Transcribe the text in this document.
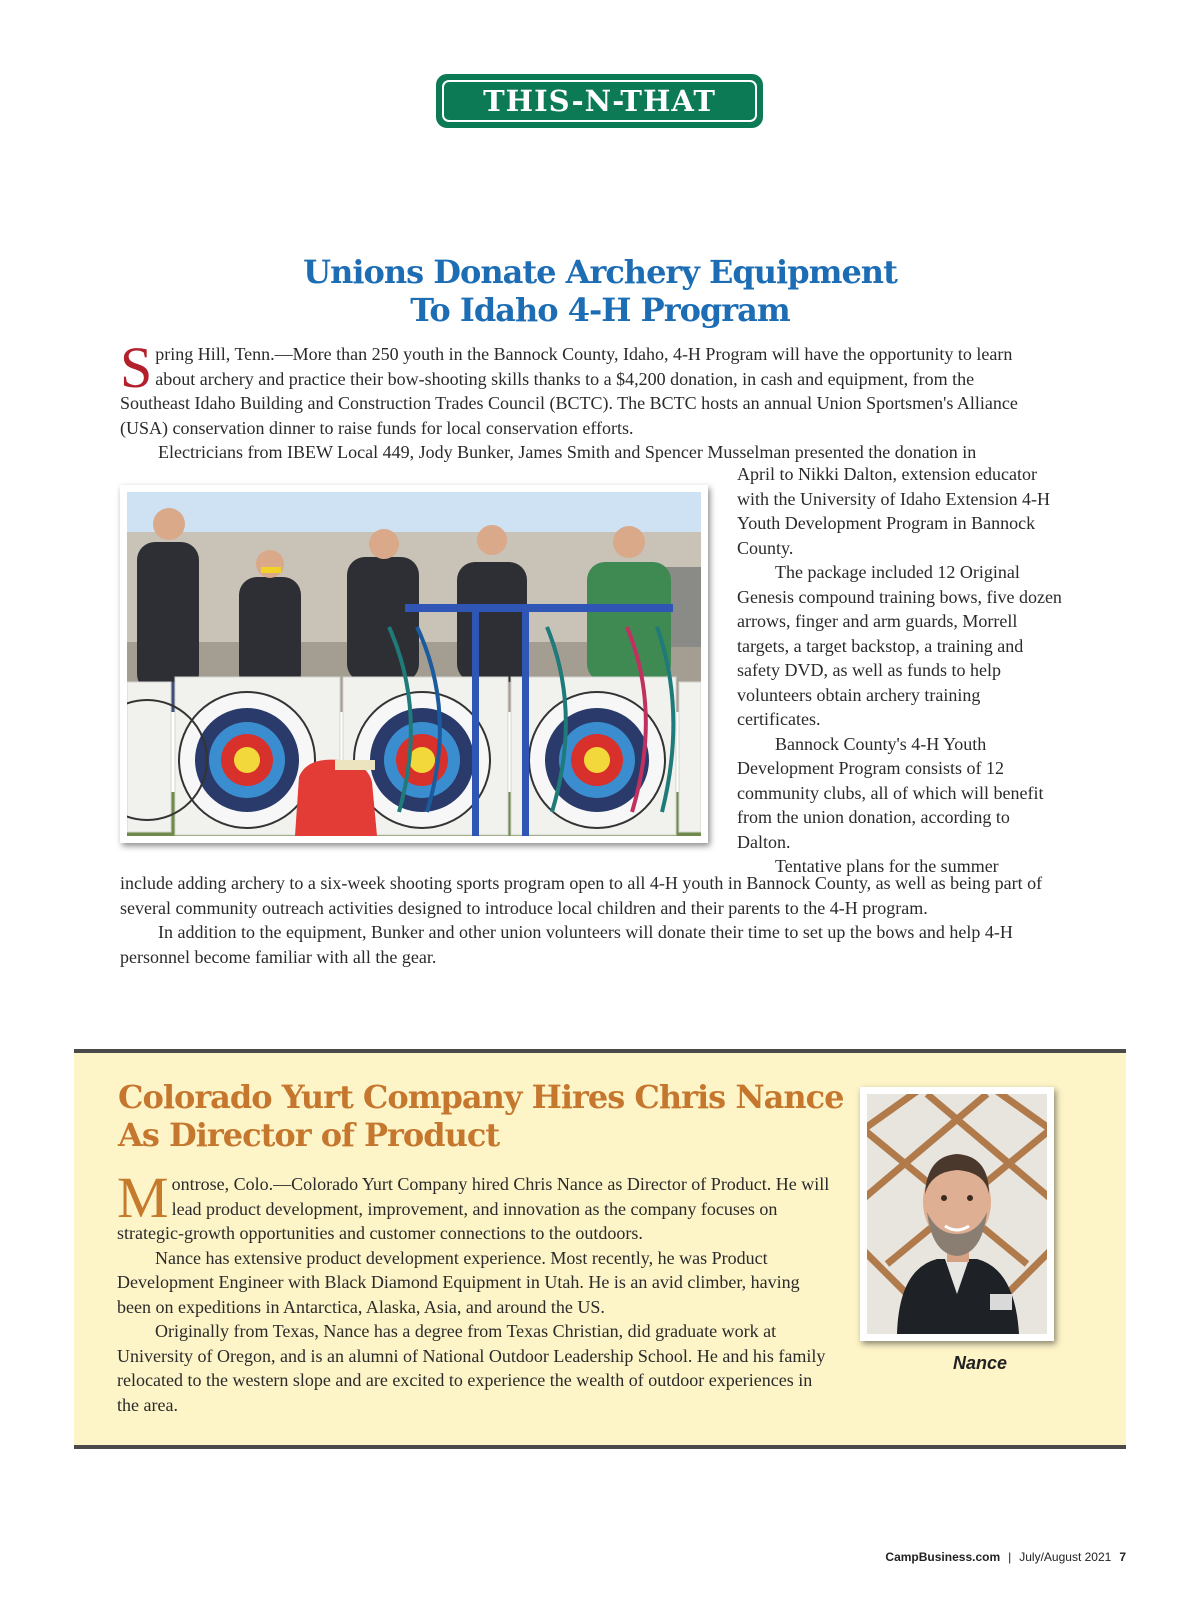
THIS-N-THAT
Unions Donate Archery Equipment
To Idaho 4-H Program

Spring Hill, Tenn.—More than 250 youth in the Bannock County, Idaho, 4-H Program will have the opportunity to learn about archery and practice their bow-shooting skills thanks to a $4,200 donation, in cash and equipment, from the Southeast Idaho Building and Construction Trades Council (BCTC). The BCTC hosts an annual Union Sportsmen's Alliance (USA) conservation dinner to raise funds for local conservation efforts.

Electricians from IBEW Local 449, Jody Bunker, James Smith and Spencer Musselman presented the donation in

April to Nikki Dalton, extension educator with the University of Idaho Extension 4-H Youth Development Program in Bannock County.

The package included 12 Original Genesis compound training bows, five dozen arrows, finger and arm guards, Morrell targets, a target backstop, a training and safety DVD, as well as funds to help volunteers obtain archery training certificates.

Bannock County's 4-H Youth Development Program consists of 12 community clubs, all of which will benefit from the union donation, according to Dalton.

Tentative plans for the summer

include adding archery to a six-week shooting sports program open to all 4-H youth in Bannock County, as well as being part of several community outreach activities designed to introduce local children and their parents to the 4-H program.

In addition to the equipment, Bunker and other union volunteers will donate their time to set up the bows and help 4-H personnel become familiar with all the gear.

Colorado Yurt Company Hires Chris Nance
As Director of Product

Montrose, Colo.—Colorado Yurt Company hired Chris Nance as Director of Product. He will lead product development, improvement, and innovation as the company focuses on strategic-growth opportunities and customer connections to the outdoors.

Nance has extensive product development experience. Most recently, he was Product Development Engineer with Black Diamond Equipment in Utah. He is an avid climber, having been on expeditions in Antarctica, Alaska, Asia, and around the US.

Originally from Texas, Nance has a degree from Texas Christian, did graduate work at University of Oregon, and is an alumni of National Outdoor Leadership School. He and his family relocated to the western slope and are excited to experience the wealth of outdoor experiences in the area.

Nance
CampBusiness.com | July/August 2021 7
